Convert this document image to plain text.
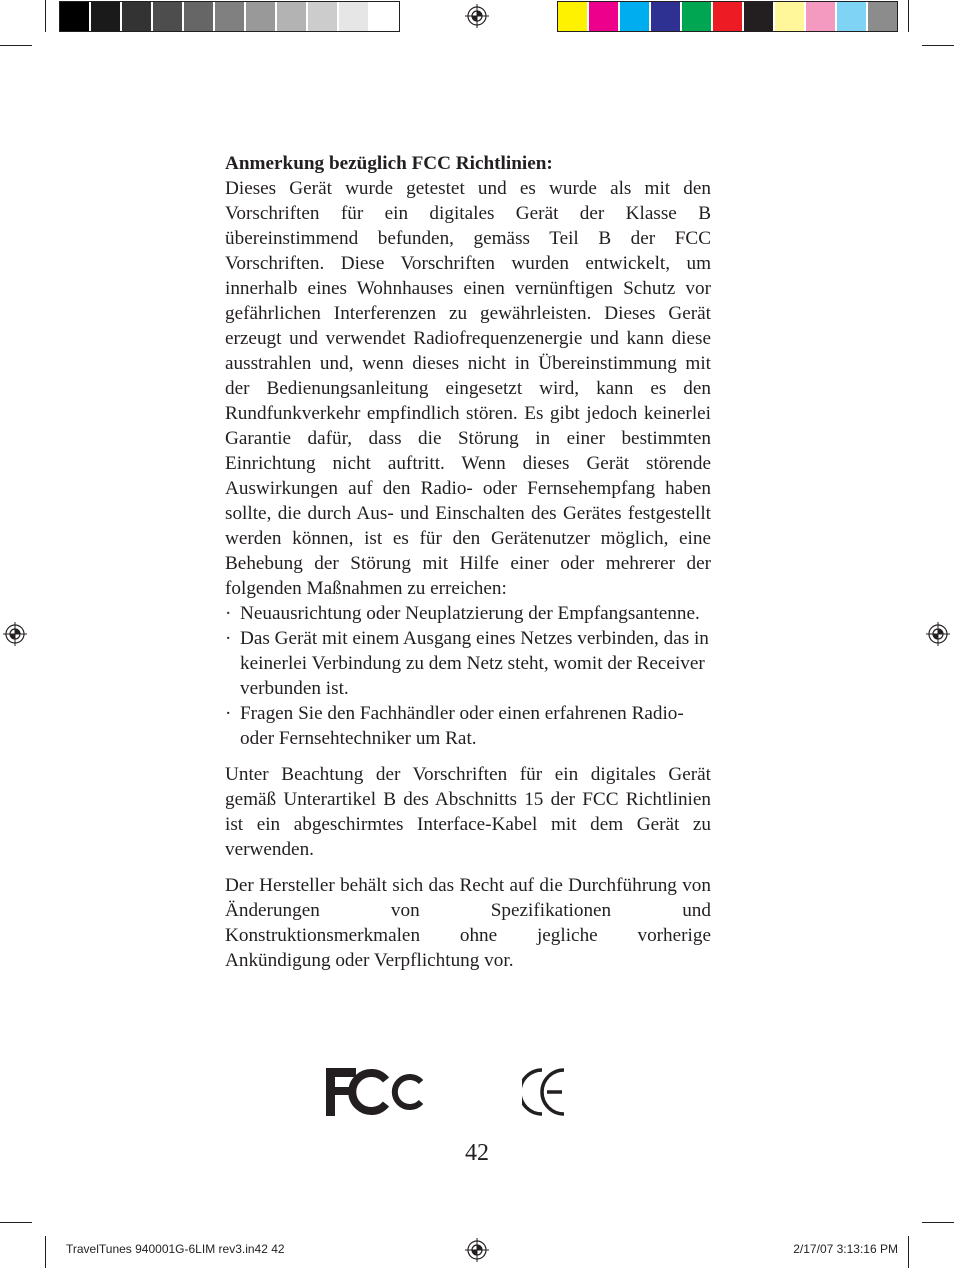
Anmerkung bezüglich FCC Richtlinien:
Dieses Gerät wurde getestet und es wurde als mit den Vorschriften für ein digitales Gerät der Klasse B übereinstimmend befunden, gemäss Teil B der FCC Vorschriften. Diese Vorschriften wurden entwickelt, um innerhalb eines Wohnhauses einen vernünftigen Schutz vor gefährlichen Interferenzen zu gewährleisten. Dieses Gerät erzeugt und verwendet Radiofrequenzenergie und kann diese ausstrahlen und, wenn dieses nicht in Übereinstimmung mit der Bedienungsanleitung eingesetzt wird, kann es den Rundfunkverkehr empfindlich stören. Es gibt jedoch keinerlei Garantie dafür, dass die Störung in einer bestimmten Einrichtung nicht auftritt. Wenn dieses Gerät störende Auswirkungen auf den Radio- oder Fernsehempfang haben sollte, die durch Aus- und Einschalten des Gerätes festgestellt werden können, ist es für den Gerätenutzer möglich, eine Behebung der Störung mit Hilfe einer oder mehrerer der folgenden Maßnahmen zu erreichen:
· Neuausrichtung oder Neuplatzierung der Empfangsantenne.
· Das Gerät mit einem Ausgang eines Netzes verbinden, das in keinerlei Verbindung zu dem Netz steht, womit der Receiver verbunden ist.
· Fragen Sie den Fachhändler oder einen erfahrenen Radio- oder Fernsehtechniker um Rat.
Unter Beachtung der Vorschriften für ein digitales Gerät gemäß Unterartikel B des Abschnitts 15 der FCC Richtlinien ist ein abgeschirmtes Interface-Kabel mit dem Gerät zu verwenden.
Der Hersteller behält sich das Recht auf die Durchführung von Änderungen von Spezifikationen und Konstruktionsmerkmalen ohne jegliche vorherige Ankündigung oder Verpflichtung vor.
42
TravelTunes 940001G-6LIM rev3.in42 42	2/17/07 3:13:16 PM
